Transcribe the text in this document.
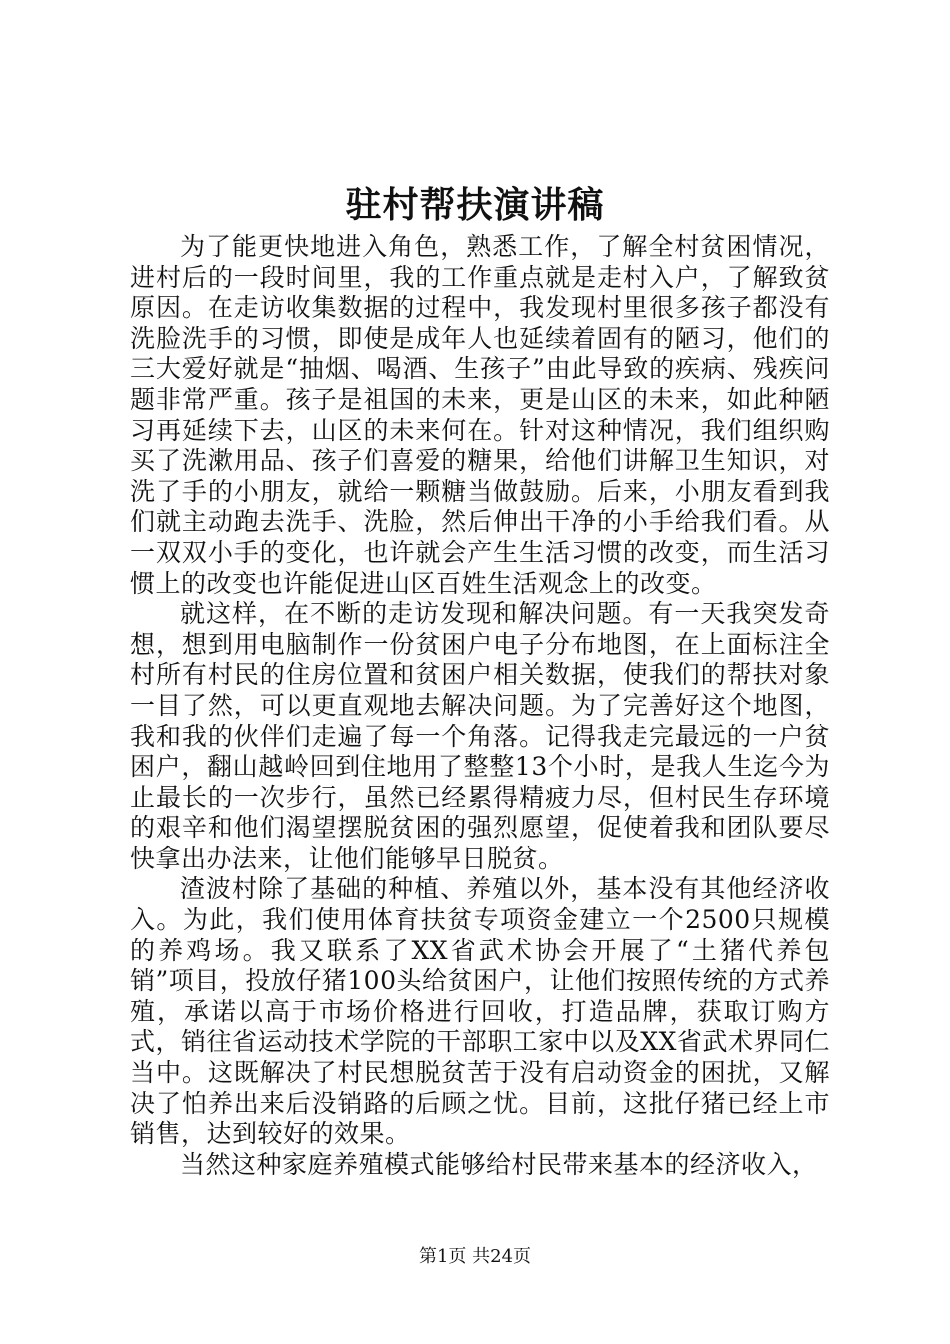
驻村帮扶演讲稿

为了能更快地进入角色，熟悉工作，了解全村贫困情况，进村后的一段时间里，我的工作重点就是走村入户，了解致贫原因。在走访收集数据的过程中，我发现村里很多孩子都没有洗脸洗手的习惯，即使是成年人也延续着固有的陋习，他们的三大爱好就是“抽烟、喝酒、生孩子”由此导致的疾病、残疾问题非常严重。孩子是祖国的未来，更是山区的未来，如此种陋习再延续下去，山区的未来何在。针对这种情况，我们组织购买了洗漱用品、孩子们喜爱的糖果，给他们讲解卫生知识，对洗了手的小朋友，就给一颗糖当做鼓励。后来，小朋友看到我们就主动跑去洗手、洗脸，然后伸出干净的小手给我们看。从一双双小手的变化，也许就会产生生活习惯的改变，而生活习惯上的改变也许能促进山区百姓生活观念上的改变。

就这样，在不断的走访发现和解决问题。有一天我突发奇想，想到用电脑制作一份贫困户电子分布地图，在上面标注全村所有村民的住房位置和贫困户相关数据，使我们的帮扶对象一目了然，可以更直观地去解决问题。为了完善好这个地图，我和我的伙伴们走遍了每一个角落。记得我走完最远的一户贫困户，翻山越岭回到住地用了整整13个小时，是我人生迄今为止最长的一次步行，虽然已经累得精疲力尽，但村民生存环境的艰辛和他们渴望摆脱贫困的强烈愿望，促使着我和团队要尽快拿出办法来，让他们能够早日脱贫。

渣波村除了基础的种植、养殖以外，基本没有其他经济收入。为此，我们使用体育扶贫专项资金建立一个2500只规模的养鸡场。我又联系了XX省武术协会开展了“土猪代养包销”项目，投放仔猪100头给贫困户，让他们按照传统的方式养殖，承诺以高于市场价格进行回收，打造品牌，获取订购方式，销往省运动技术学院的干部职工家中以及XX省武术界同仁当中。这既解决了村民想脱贫苦于没有启动资金的困扰，又解决了怕养出来后没销路的后顾之忧。目前，这批仔猪已经上市销售，达到较好的效果。

当然这种家庭养殖模式能够给村民带来基本的经济收入，

第1页 共24页
